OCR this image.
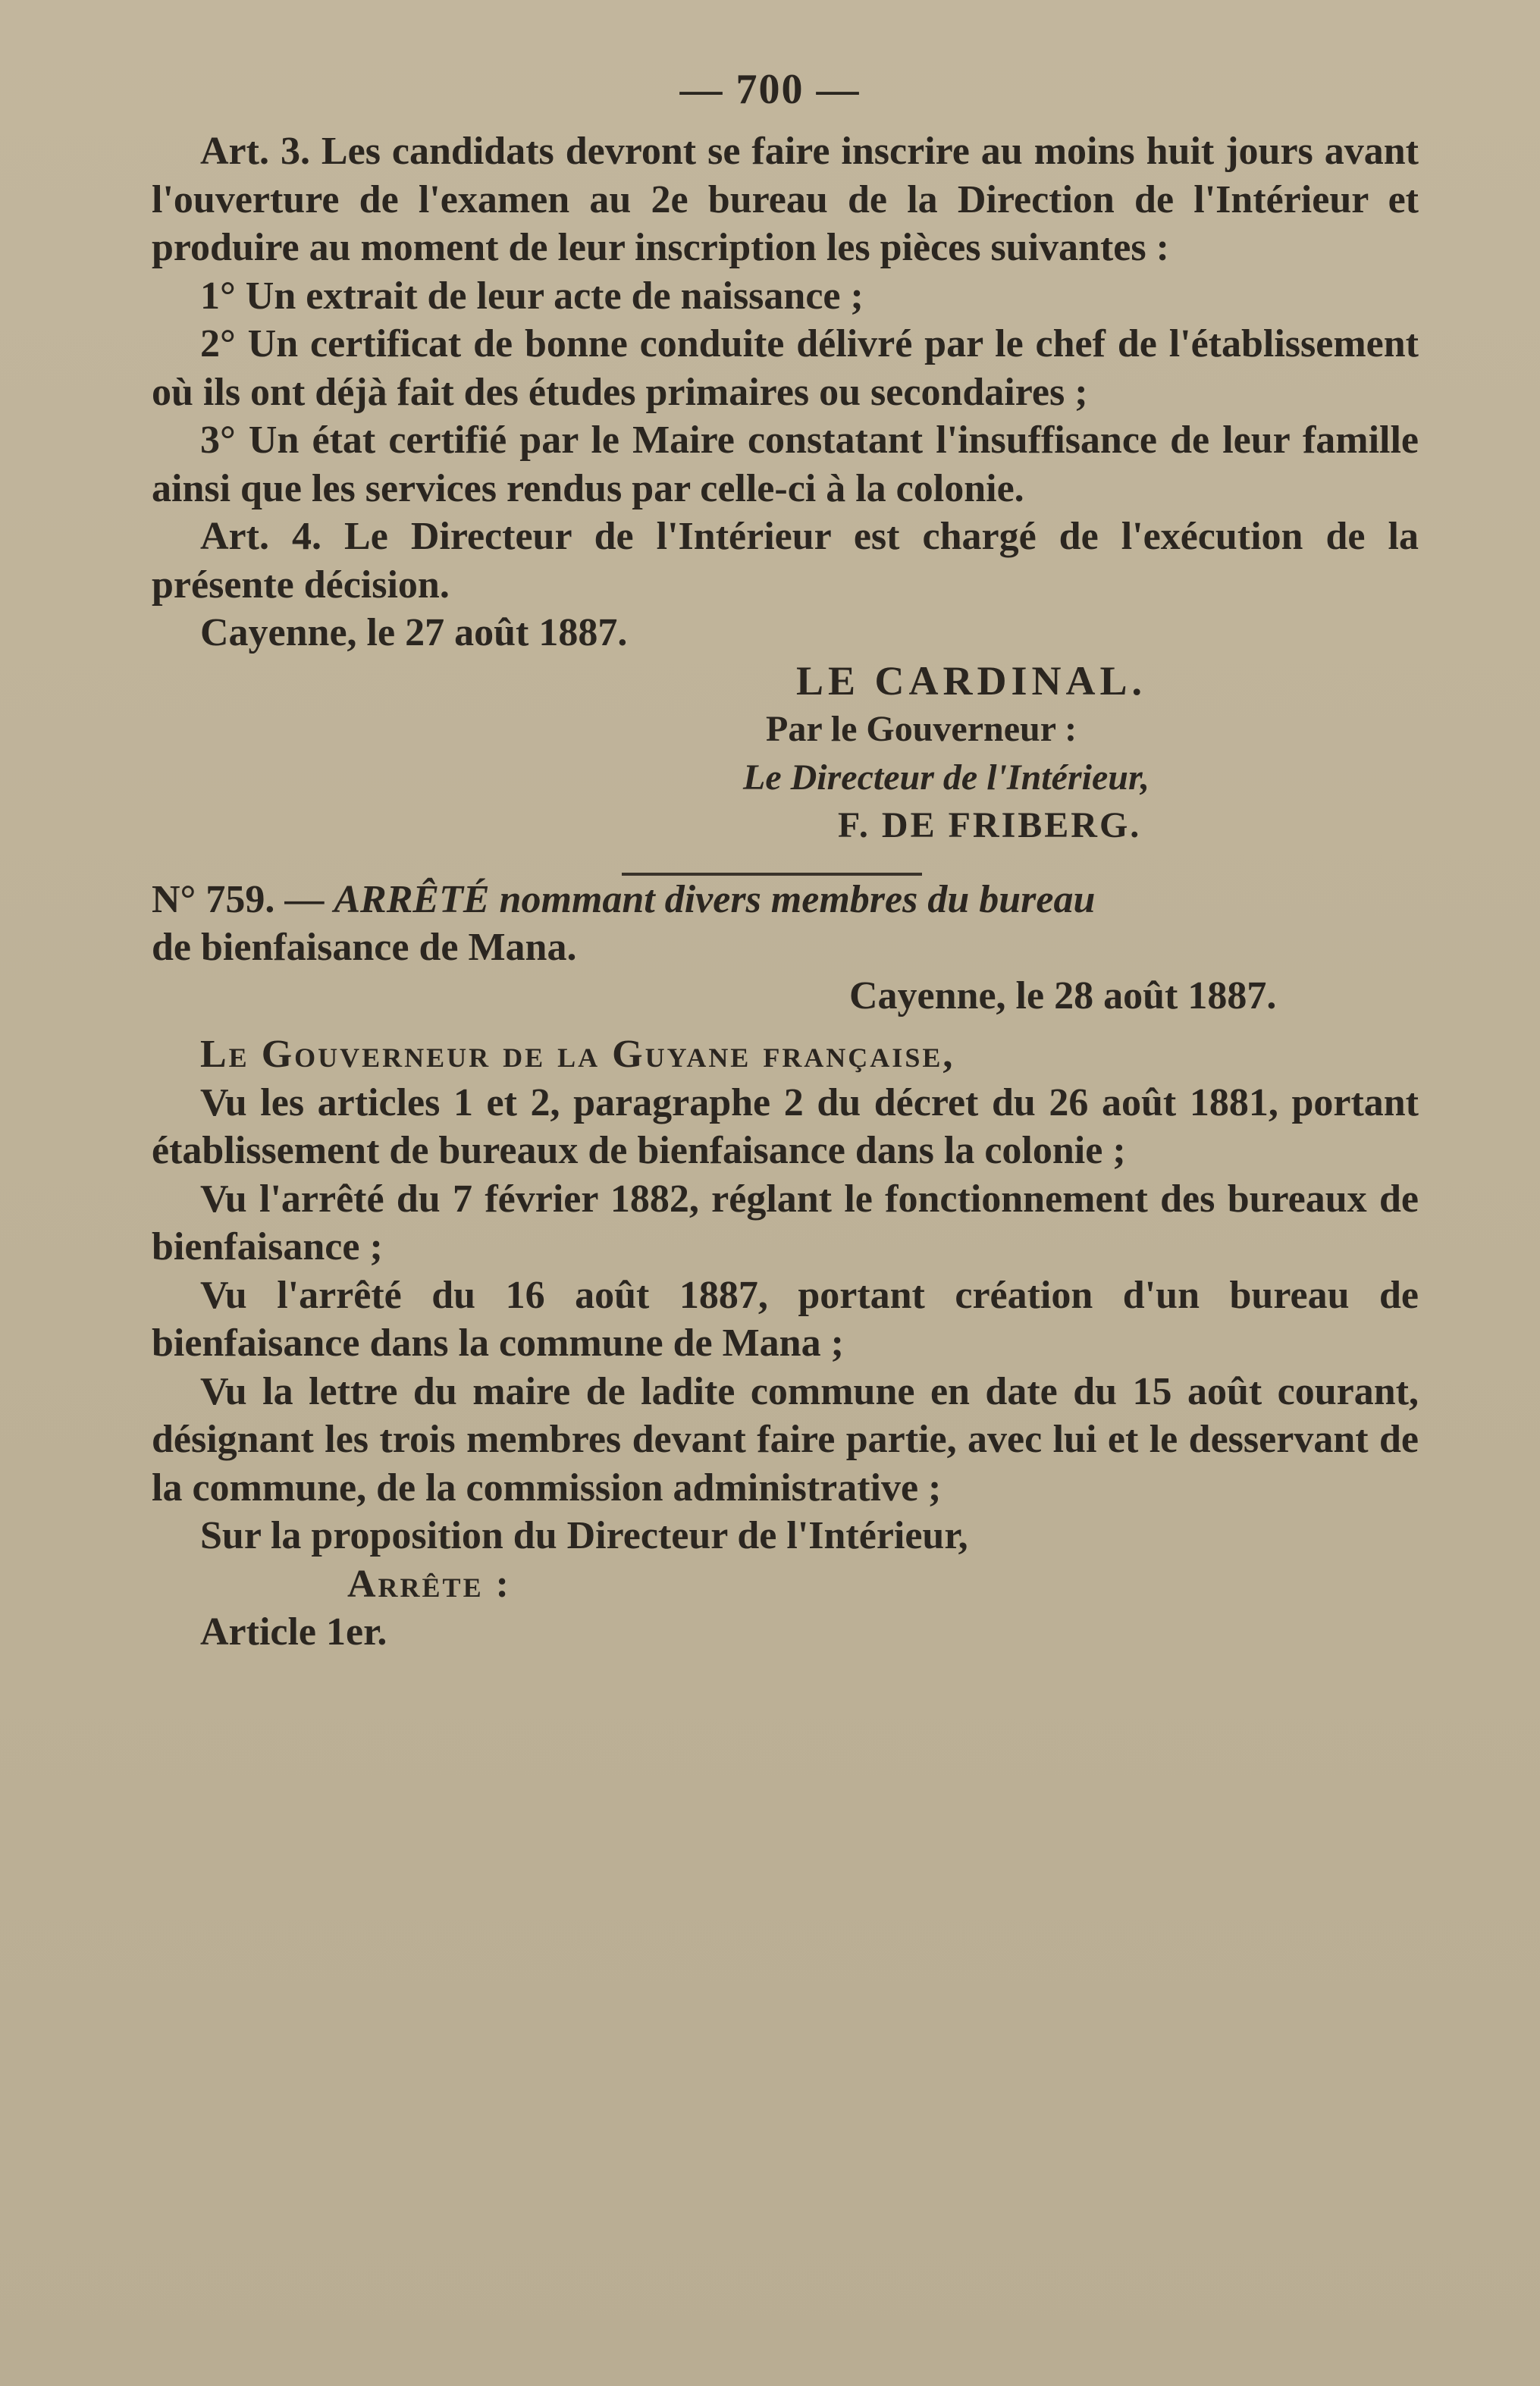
— 700 —

Art. 3. Les candidats devront se faire inscrire au moins huit jours avant l'ouverture de l'examen au 2e bureau de la Direction de l'Intérieur et produire au moment de leur inscription les pièces suivantes :

1° Un extrait de leur acte de naissance ;

2° Un certificat de bonne conduite délivré par le chef de l'établissement où ils ont déjà fait des études primaires ou secondaires ;

3° Un état certifié par le Maire constatant l'insuffisance de leur famille ainsi que les services rendus par celle-ci à la colonie.

Art. 4. Le Directeur de l'Intérieur est chargé de l'exécution de la présente décision.

Cayenne, le 27 août 1887.

LE CARDINAL.

Par le Gouverneur :

Le Directeur de l'Intérieur,

F. DE FRIBERG.

N° 759. — ARRÊTÉ nommant divers membres du bureau

de bienfaisance de Mana.

Cayenne, le 28 août 1887.

Le Gouverneur de la Guyane française,

Vu les articles 1 et 2, paragraphe 2 du décret du 26 août 1881, portant établissement de bureaux de bienfaisance dans la colonie ;

Vu l'arrêté du 7 février 1882, réglant le fonctionnement des bureaux de bienfaisance ;

Vu l'arrêté du 16 août 1887, portant création d'un bureau de bienfaisance dans la commune de Mana ;

Vu la lettre du maire de ladite commune en date du 15 août courant, désignant les trois membres devant faire partie, avec lui et le desservant de la commune, de la commission administrative ;

Sur la proposition du Directeur de l'Intérieur,

Arrête :

Article 1er.
